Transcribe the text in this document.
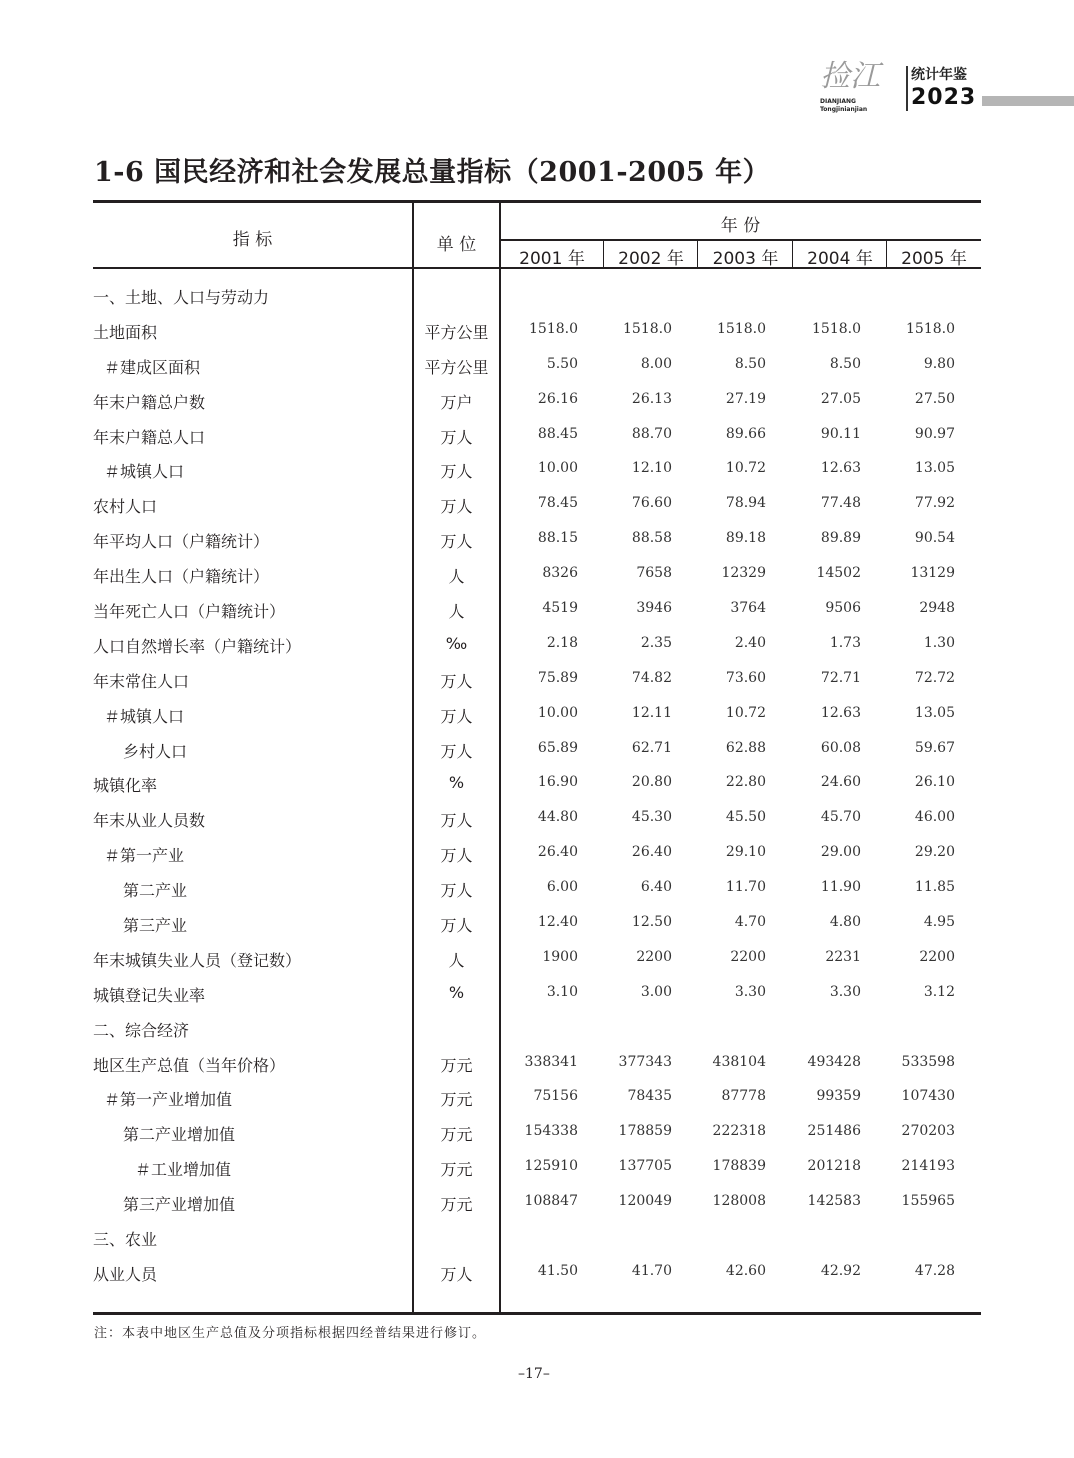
捡江
DIANJIANG
Tongjinianjian
统计年鉴
2023
1-6 国民经济和社会发展总量指标（2001-2005 年）
指 标	单 位
年 份
2001 年	2002 年	2003 年	2004 年	2005 年
一、土地、人口与劳动力
土地面积	平方公里	1518.0	1518.0	1518.0	1518.0	1518.0
＃建成区面积	平方公里	5.50	8.00	8.50	8.50	9.80
年末户籍总户数	万户	26.16	26.13	27.19	27.05	27.50
年末户籍总人口	万人	88.45	88.70	89.66	90.11	90.97
＃城镇人口	万人	10.00	12.10	10.72	12.63	13.05
农村人口	万人	78.45	76.60	78.94	77.48	77.92
年平均人口（户籍统计）	万人	88.15	88.58	89.18	89.89	90.54
年出生人口（户籍统计）	人	8326	7658	12329	14502	13129
当年死亡人口（户籍统计）	人	4519	3946	3764	9506	2948
人口自然增长率（户籍统计）	‰	2.18	2.35	2.40	1.73	1.30
年末常住人口	万人	75.89	74.82	73.60	72.71	72.72
＃城镇人口	万人	10.00	12.11	10.72	12.63	13.05
乡村人口	万人	65.89	62.71	62.88	60.08	59.67
城镇化率	%	16.90	20.80	22.80	24.60	26.10
年末从业人员数	万人	44.80	45.30	45.50	45.70	46.00
＃第一产业	万人	26.40	26.40	29.10	29.00	29.20
第二产业	万人	6.00	6.40	11.70	11.90	11.85
第三产业	万人	12.40	12.50	4.70	4.80	4.95
年末城镇失业人员（登记数）	人	1900	2200	2200	2231	2200
城镇登记失业率	%	3.10	3.00	3.30	3.30	3.12
二、综合经济
地区生产总值（当年价格）	万元	338341	377343	438104	493428	533598
＃第一产业增加值	万元	75156	78435	87778	99359	107430
第二产业增加值	万元	154338	178859	222318	251486	270203
＃工业增加值	万元	125910	137705	178839	201218	214193
第三产业增加值	万元	108847	120049	128008	142583	155965
三、农业
从业人员	万人	41.50	41.70	42.60	42.92	47.28
注：本表中地区生产总值及分项指标根据四经普结果进行修订。
–17–
